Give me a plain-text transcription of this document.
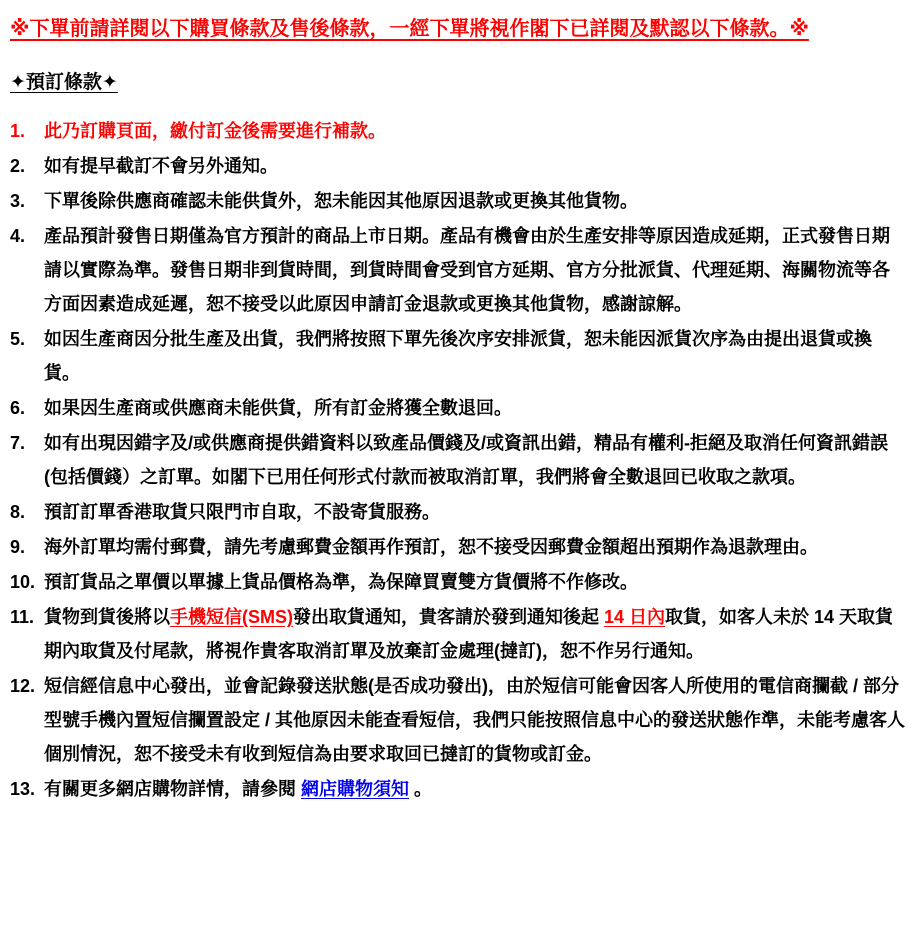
※下單前請詳閱以下購買條款及售後條款，一經下單將視作閣下已詳閱及默認以下條款。※
✦預訂條款✦
1. 此乃訂購頁面，繳付訂金後需要進行補款。
2. 如有提早截訂不會另外通知。
3. 下單後除供應商確認未能供貨外，恕未能因其他原因退款或更換其他貨物。
4. 產品預計發售日期僅為官方預計的商品上市日期。產品有機會由於生產安排等原因造成延期，正式發售日期請以實際為準。發售日期非到貨時間，到貨時間會受到官方延期、官方分批派貨、代理延期、海關物流等各方面因素造成延遲，恕不接受以此原因申請訂金退款或更換其他貨物，感謝諒解。
5. 如因生產商因分批生產及出貨，我們將按照下單先後次序安排派貨，恕未能因派貨次序為由提出退貨或換貨。
6. 如果因生產商或供應商未能供貨，所有訂金將獲全數退回。
7. 如有出現因錯字及/或供應商提供錯資料以致產品價錢及/或資訊出錯，精品有權利-拒絕及取消任何資訊錯誤(包括價錢）之訂單。如閣下已用任何形式付款而被取消訂單，我們將會全數退回已收取之款項。
8. 預訂訂單香港取貨只限門市自取，不設寄貨服務。
9. 海外訂單均需付郵費，請先考慮郵費金額再作預訂，恕不接受因郵費金額超出預期作為退款理由。
10. 預訂貨品之單價以單據上貨品價格為準，為保障買賣雙方貨價將不作修改。
11. 貨物到貨後將以手機短信(SMS)發出取貨通知，貴客請於發到通知後起 14 日內取貨，如客人未於 14 天取貨期內取貨及付尾款，將視作貴客取消訂單及放棄訂金處理(撻訂)，恕不作另行通知。
12. 短信經信息中心發出，並會記錄發送狀態(是否成功發出)，由於短信可能會因客人所使用的電信商攔截 / 部分型號手機內置短信攔置設定 / 其他原因未能查看短信，我們只能按照信息中心的發送狀態作準，未能考慮客人個別情況，恕不接受未有收到短信為由要求取回已撻訂的貨物或訂金。
13. 有關更多網店購物詳情，請參閱 網店購物須知 。
